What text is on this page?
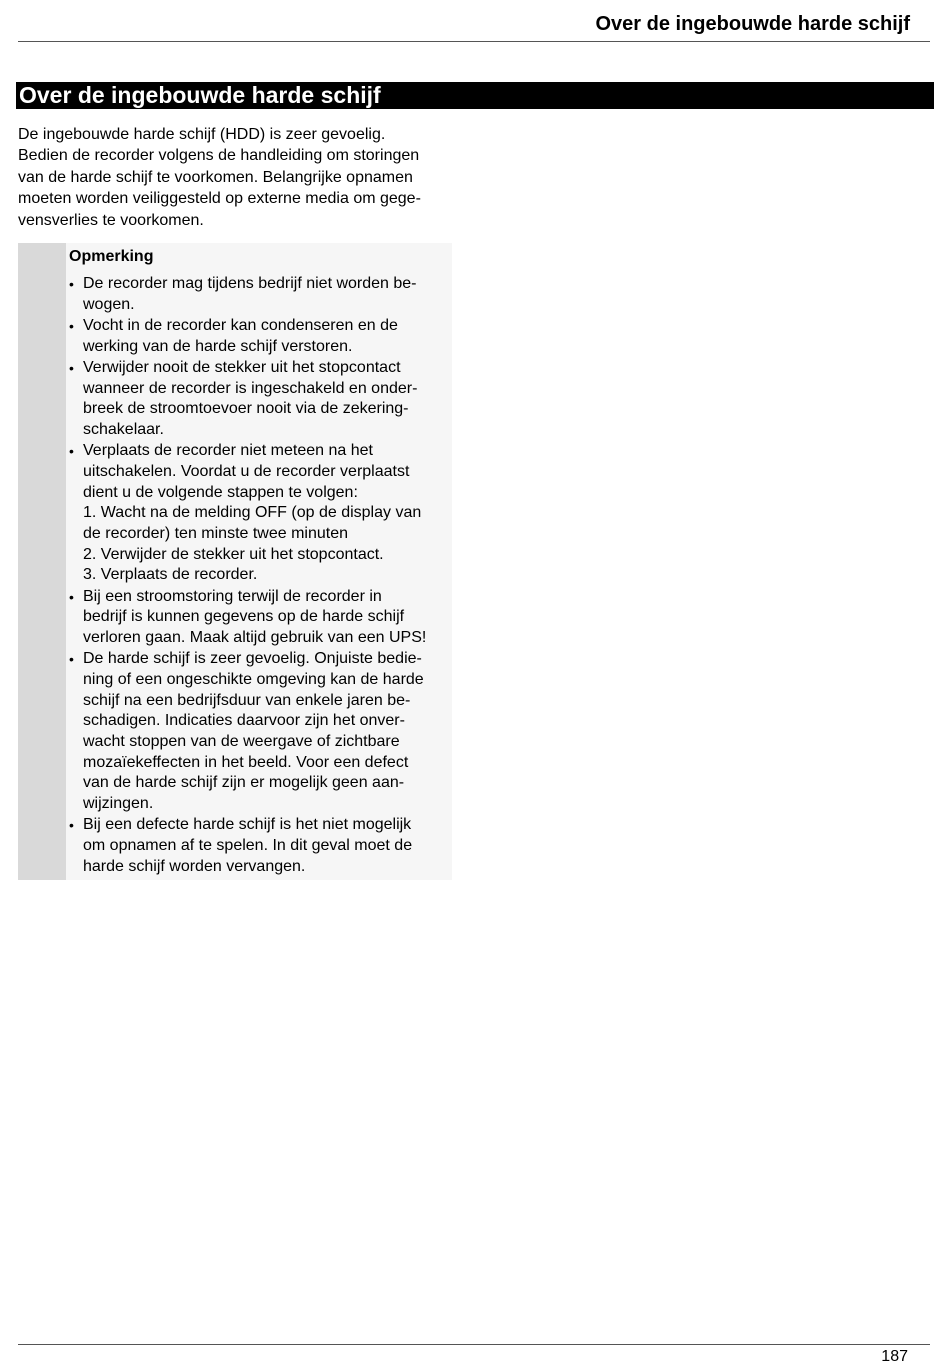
Over de ingebouwde harde schijf
Over de ingebouwde harde schijf

De ingebouwde harde schijf (HDD) is zeer gevoelig.
Bedien de recorder volgens de handleiding om storingen
van de harde schijf te voorkomen. Belangrijke opnamen
moeten worden veiliggesteld op externe media om gege-
vensverlies te voorkomen.

Opmerking
• De recorder mag tijdens bedrijf niet worden be-
wogen.
• Vocht in de recorder kan condenseren en de
werking van de harde schijf verstoren.
• Verwijder nooit de stekker uit het stopcontact
wanneer de recorder is ingeschakeld en onder-
breek de stroomtoevoer nooit via de zekering-
schakelaar.
• Verplaats de recorder niet meteen na het
uitschakelen. Voordat u de recorder verplaatst
dient u de volgende stappen te volgen:
1. Wacht na de melding OFF (op de display van
de recorder) ten minste twee minuten
2. Verwijder de stekker uit het stopcontact.
3. Verplaats de recorder.
• Bij een stroomstoring terwijl de recorder in
bedrijf is kunnen gegevens op de harde schijf
verloren gaan. Maak altijd gebruik van een UPS!
• De harde schijf is zeer gevoelig. Onjuiste bedie-
ning of een ongeschikte omgeving kan de harde
schijf na een bedrijfsduur van enkele jaren be-
schadigen. Indicaties daarvoor zijn het onver-
wacht stoppen van de weergave of zichtbare
mozaïekeffecten in het beeld. Voor een defect
van de harde schijf zijn er mogelijk geen aan-
wijzingen.
• Bij een defecte harde schijf is het niet mogelijk
om opnamen af te spelen. In dit geval moet de
harde schijf worden vervangen.
187
